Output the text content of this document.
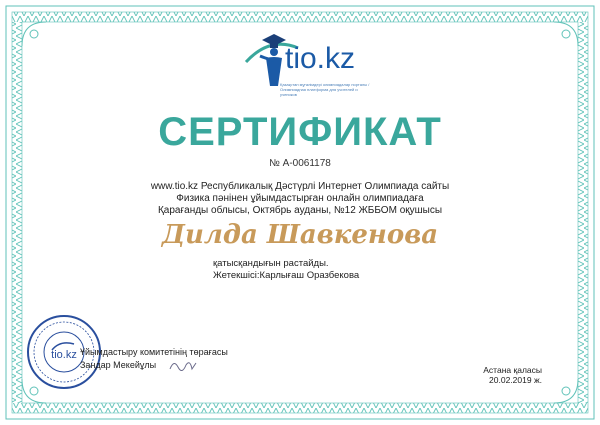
tio.kz
Қазақстан мұғалімдері олимпиадалар порталы / Олимпиадная платформа для учителей и учеников
СЕРТИФИКАТ
№ А-0061178
www.tio.kz Республикалық Дәстүрлі Интернет Олимпиада сайты
Физика пәнінен ұйымдастырған онлайн олимпиадаға
Қарағанды облысы, Октябрь ауданы, №12 ЖББОМ оқушысы
Дилда Шавкенова
қатысқандығын растайды.
Жетекшісі:Карлығаш Оразбекова
tio.kz Ұйымдастыру комитетінің төрағасы
Зандар Мекейұлы	Астана қаласы
20.02.2019 ж.
